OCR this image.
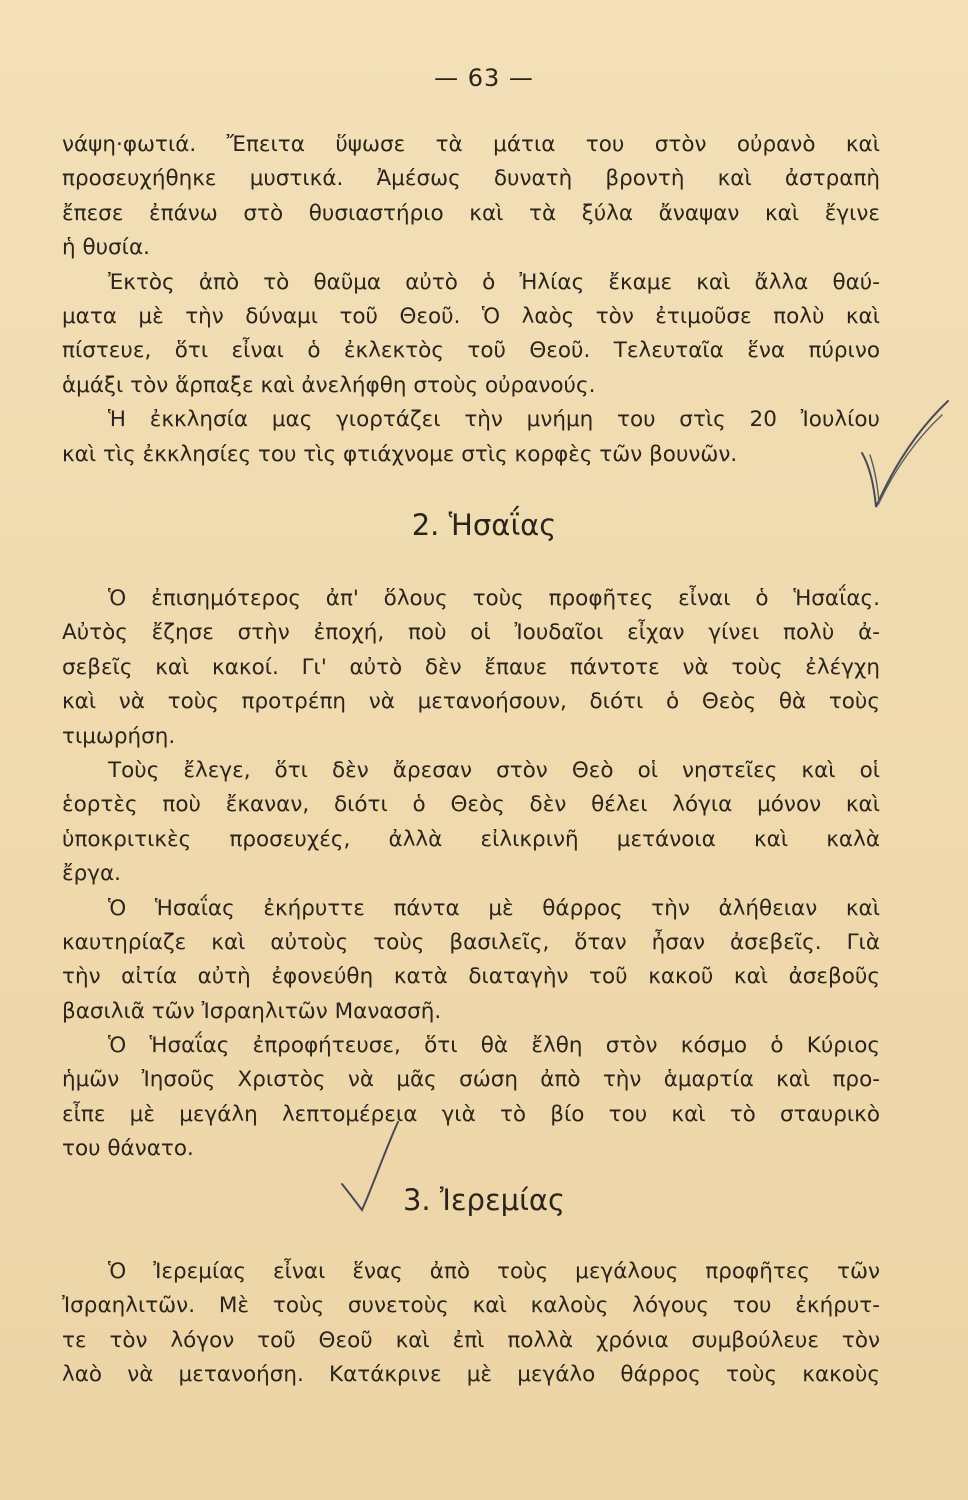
— 63 —
νάψη·φωτιά. Ἔπειτα ὕψωσε τὰ μάτια του στὸν οὐρανὸ καὶ
προσευχήθηκε μυστικά. Ἀμέσως δυνατὴ βροντὴ καὶ ἀστραπὴ
ἔπεσε ἐπάνω στὸ θυσιαστήριο καὶ τὰ ξύλα ἄναψαν καὶ ἔγινε
ἡ θυσία.
Ἐκτὸς ἀπὸ τὸ θαῦμα αὐτὸ ὁ Ἠλίας ἔκαμε καὶ ἄλλα θαύ-
ματα μὲ τὴν δύναμι τοῦ Θεοῦ. Ὁ λαὸς τὸν ἐτιμοῦσε πολὺ καὶ
πίστευε, ὅτι εἶναι ὁ ἐκλεκτὸς τοῦ Θεοῦ. Τελευταῖα ἕνα πύρινο
ἁμάξι τὸν ἅρπαξε καὶ ἀνελήφθη στοὺς οὐρανούς.
Ἡ ἐκκλησία μας γιορτάζει τὴν μνήμη του στὶς 20 Ἰουλίου
καὶ τὶς ἐκκλησίες του τὶς φτιάχνομε στὶς κορφὲς τῶν βουνῶν.
2. Ἡσαΐας
Ὁ ἐπισημότερος ἀπ' ὅλους τοὺς προφῆτες εἶναι ὁ Ἡσαΐας.
Αὐτὸς ἔζησε στὴν ἐποχή, ποὺ οἱ Ἰουδαῖοι εἶχαν γίνει πολὺ ἀ-
σεβεῖς καὶ κακοί. Γι' αὐτὸ δὲν ἔπαυε πάντοτε νὰ τοὺς ἐλέγχη
καὶ νὰ τοὺς προτρέπη νὰ μετανοήσουν, διότι ὁ Θεὸς θὰ τοὺς
τιμωρήση.
Τοὺς ἔλεγε, ὅτι δὲν ἄρεσαν στὸν Θεὸ οἱ νηστεῖες καὶ οἱ
ἑορτὲς ποὺ ἔκαναν, διότι ὁ Θεὸς δὲν θέλει λόγια μόνον καὶ
ὑποκριτικὲς προσευχές, ἀλλὰ εἰλικρινῆ μετάνοια καὶ καλὰ
ἔργα.
Ὁ Ἡσαΐας ἐκήρυττε πάντα μὲ θάρρος τὴν ἀλήθειαν καὶ
καυτηρίαζε καὶ αὐτοὺς τοὺς βασιλεῖς, ὅταν ἦσαν ἀσεβεῖς. Γιὰ
τὴν αἰτία αὐτὴ ἐφονεύθη κατὰ διαταγὴν τοῦ κακοῦ καὶ ἀσεβοῦς
βασιλιᾶ τῶν Ἰσραηλιτῶν Μανασσῆ.
Ὁ Ἡσαΐας ἐπροφήτευσε, ὅτι θὰ ἔλθη στὸν κόσμο ὁ Κύριος
ἡμῶν Ἰησοῦς Χριστὸς νὰ μᾶς σώση ἀπὸ τὴν ἁμαρτία καὶ προ-
εἶπε μὲ μεγάλη λεπτομέρεια γιὰ τὸ βίο του καὶ τὸ σταυρικὸ
του θάνατο.
3. Ἰερεμίας
Ὁ Ἰερεμίας εἶναι ἕνας ἀπὸ τοὺς μεγάλους προφῆτες τῶν
Ἰσραηλιτῶν. Μὲ τοὺς συνετοὺς καὶ καλοὺς λόγους του ἐκήρυτ-
τε τὸν λόγον τοῦ Θεοῦ καὶ ἐπὶ πολλὰ χρόνια συμβούλευε τὸν
λαὸ νὰ μετανοήση. Κατάκρινε μὲ μεγάλο θάρρος τοὺς κακοὺς
